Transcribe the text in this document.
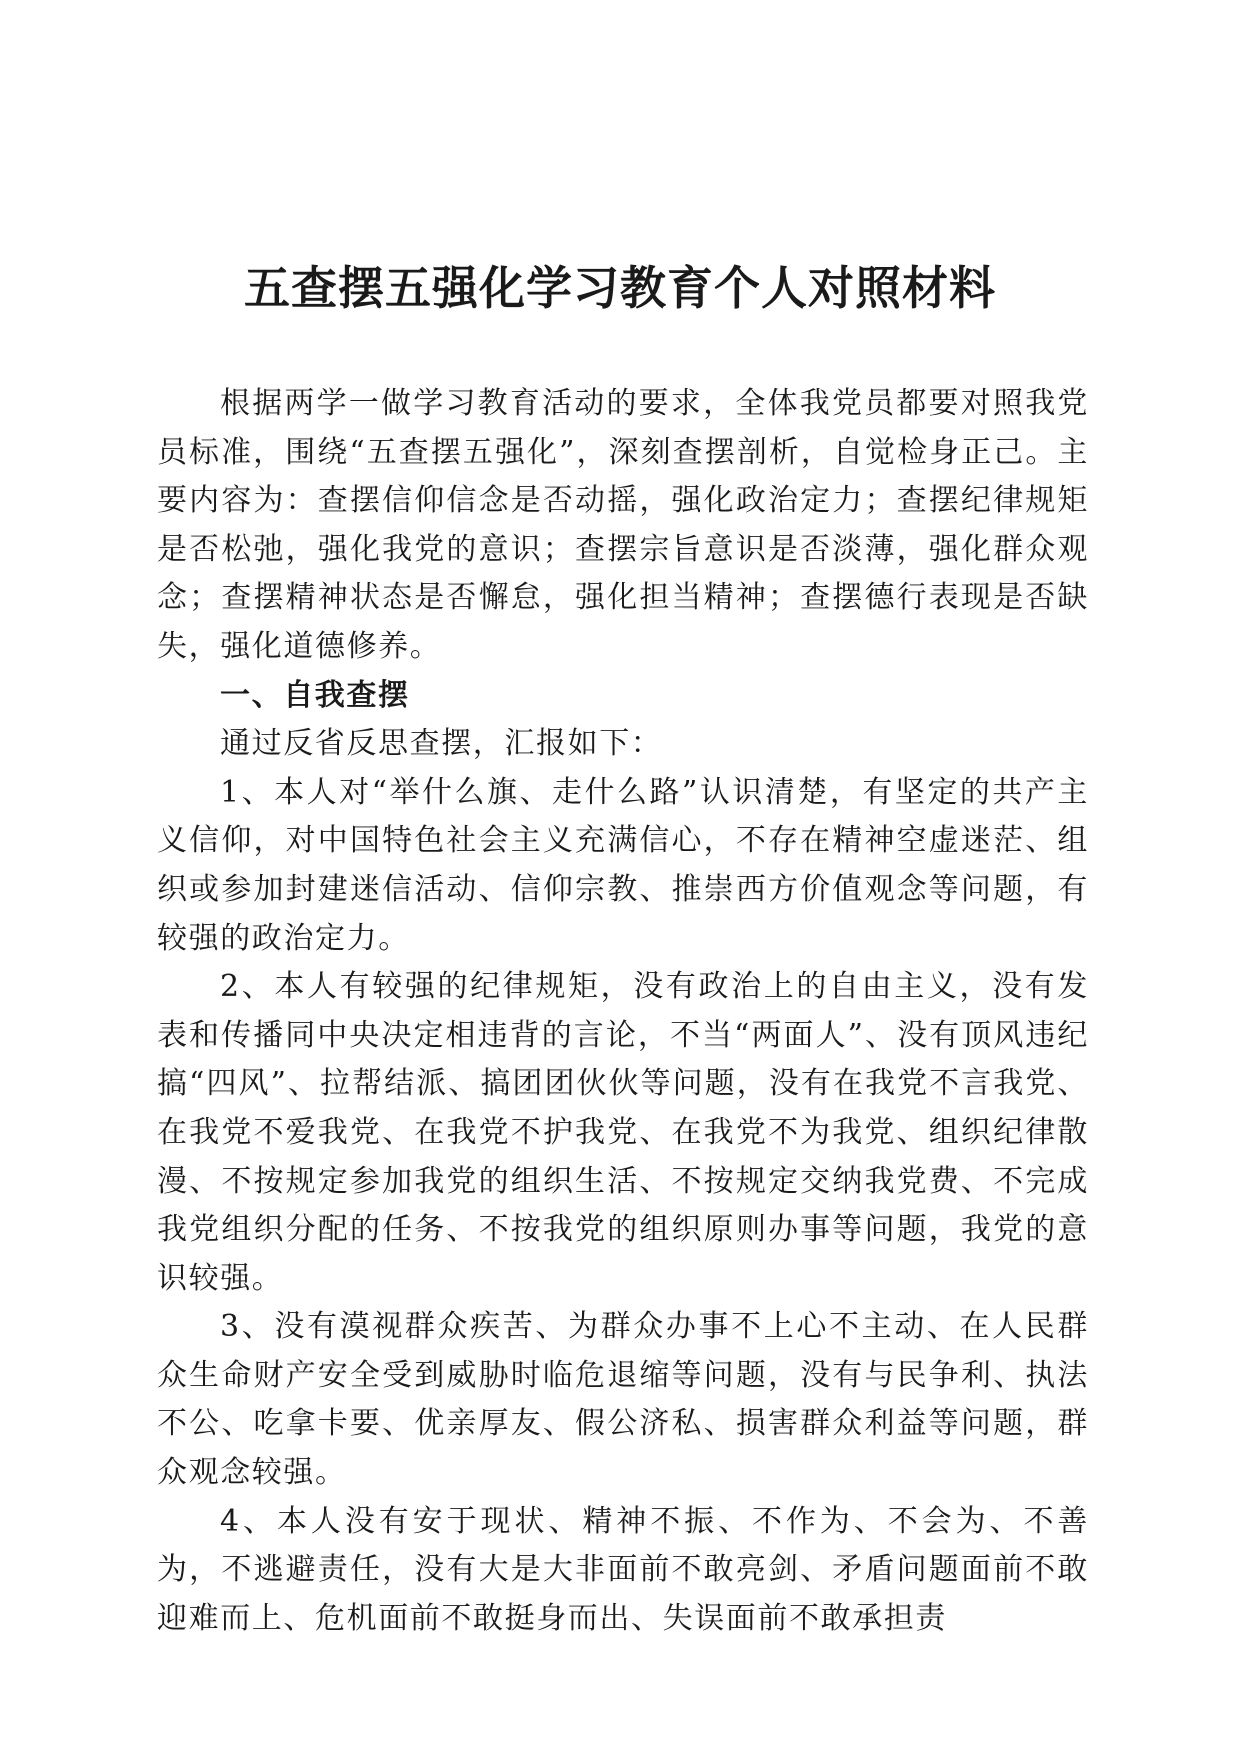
五查摆五强化学习教育个人对照材料

根据两学一做学习教育活动的要求，全体我党员都要对照我党员标准，围绕“五查摆五强化”，深刻查摆剖析，自觉检身正己。主要内容为：查摆信仰信念是否动摇，强化政治定力；查摆纪律规矩是否松弛，强化我党的意识；查摆宗旨意识是否淡薄，强化群众观念；查摆精神状态是否懈怠，强化担当精神；查摆德行表现是否缺失，强化道德修养。

一、自我查摆

通过反省反思查摆，汇报如下：

1、本人对“举什么旗、走什么路”认识清楚，有坚定的共产主义信仰，对中国特色社会主义充满信心，不存在精神空虚迷茫、组织或参加封建迷信活动、信仰宗教、推崇西方价值观念等问题，有较强的政治定力。

2、本人有较强的纪律规矩，没有政治上的自由主义，没有发表和传播同中央决定相违背的言论，不当“两面人”、没有顶风违纪搞“四风”、拉帮结派、搞团团伙伙等问题，没有在我党不言我党、在我党不爱我党、在我党不护我党、在我党不为我党、组织纪律散漫、不按规定参加我党的组织生活、不按规定交纳我党费、不完成我党组织分配的任务、不按我党的组织原则办事等问题，我党的意识较强。

3、没有漠视群众疾苦、为群众办事不上心不主动、在人民群众生命财产安全受到威胁时临危退缩等问题，没有与民争利、执法不公、吃拿卡要、优亲厚友、假公济私、损害群众利益等问题，群众观念较强。

4、本人没有安于现状、精神不振、不作为、不会为、不善为，不逃避责任，没有大是大非面前不敢亮剑、矛盾问题面前不敢迎难而上、危机面前不敢挺身而出、失误面前不敢承担责
